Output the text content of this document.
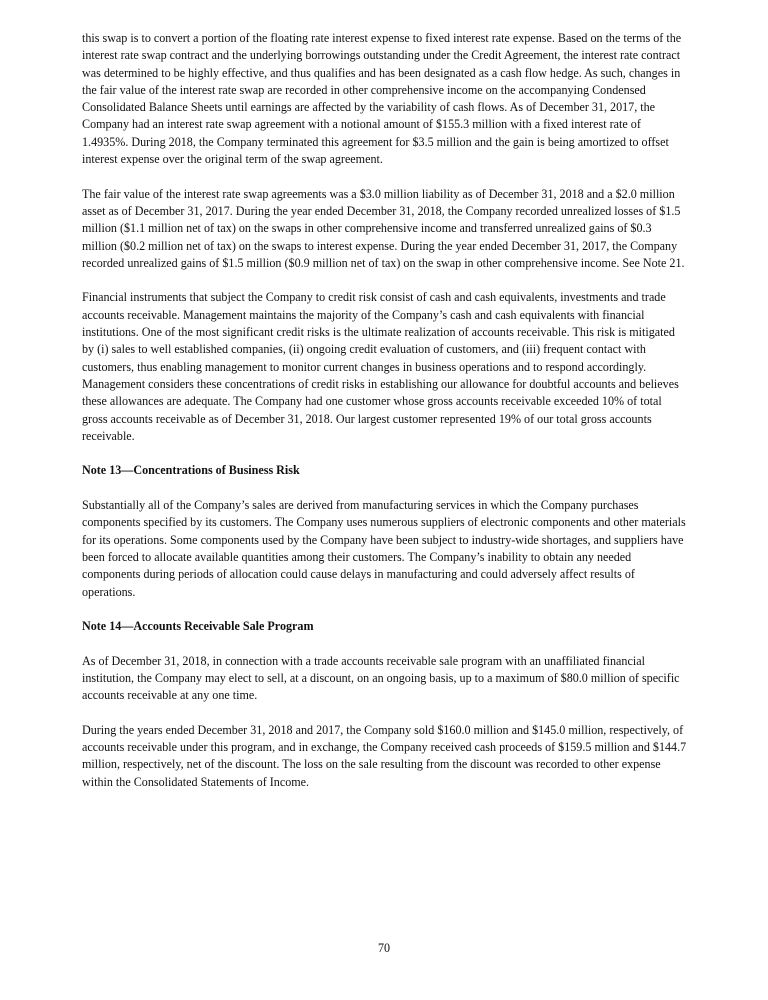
this swap is to convert a portion of the floating rate interest expense to fixed interest rate expense. Based on the terms of the interest rate swap contract and the underlying borrowings outstanding under the Credit Agreement, the interest rate contract was determined to be highly effective, and thus qualifies and has been designated as a cash flow hedge. As such, changes in the fair value of the interest rate swap are recorded in other comprehensive income on the accompanying Condensed Consolidated Balance Sheets until earnings are affected by the variability of cash flows. As of December 31, 2017, the Company had an interest rate swap agreement with a notional amount of $155.3 million with a fixed interest rate of 1.4935%. During 2018, the Company terminated this agreement for $3.5 million and the gain is being amortized to offset interest expense over the original term of the swap agreement.

The fair value of the interest rate swap agreements was a $3.0 million liability as of December 31, 2018 and a $2.0 million asset as of December 31, 2017. During the year ended December 31, 2018, the Company recorded unrealized losses of $1.5 million ($1.1 million net of tax) on the swaps in other comprehensive income and transferred unrealized gains of $0.3 million ($0.2 million net of tax) on the swaps to interest expense. During the year ended December 31, 2017, the Company recorded unrealized gains of $1.5 million ($0.9 million net of tax) on the swap in other comprehensive income. See Note 21.

Financial instruments that subject the Company to credit risk consist of cash and cash equivalents, investments and trade accounts receivable. Management maintains the majority of the Company’s cash and cash equivalents with financial institutions. One of the most significant credit risks is the ultimate realization of accounts receivable. This risk is mitigated by (i) sales to well established companies, (ii) ongoing credit evaluation of customers, and (iii) frequent contact with customers, thus enabling management to monitor current changes in business operations and to respond accordingly. Management considers these concentrations of credit risks in establishing our allowance for doubtful accounts and believes these allowances are adequate. The Company had one customer whose gross accounts receivable exceeded 10% of total gross accounts receivable as of December 31, 2018. Our largest customer represented 19% of our total gross accounts receivable.

Note 13—Concentrations of Business Risk

Substantially all of the Company’s sales are derived from manufacturing services in which the Company purchases components specified by its customers. The Company uses numerous suppliers of electronic components and other materials for its operations. Some components used by the Company have been subject to industry-wide shortages, and suppliers have been forced to allocate available quantities among their customers. The Company’s inability to obtain any needed components during periods of allocation could cause delays in manufacturing and could adversely affect results of operations.

Note 14—Accounts Receivable Sale Program

As of December 31, 2018, in connection with a trade accounts receivable sale program with an unaffiliated financial institution, the Company may elect to sell, at a discount, on an ongoing basis, up to a maximum of $80.0 million of specific accounts receivable at any one time.

During the years ended December 31, 2018 and 2017, the Company sold $160.0 million and $145.0 million, respectively, of accounts receivable under this program, and in exchange, the Company received cash proceeds of $159.5 million and $144.7 million, respectively, net of the discount. The loss on the sale resulting from the discount was recorded to other expense within the Consolidated Statements of Income.

70
